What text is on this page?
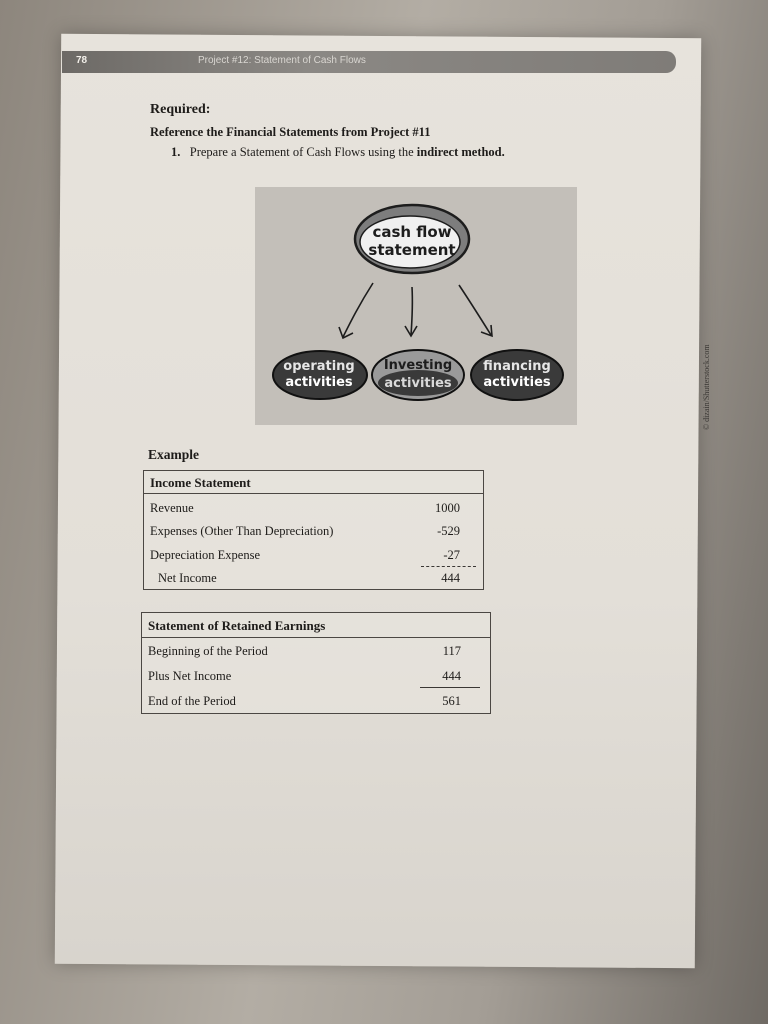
78	Project #12: Statement of Cash Flows
Required:
Reference the Financial Statements from Project #11
1. Prepare a Statement of Cash Flows using the indirect method.
cash flow
statement
operating
activities
Investing
activities
financing
activities	© dizain/Shutterstock.com
Example
Income Statement
Revenue	1000
Expenses (Other Than Depreciation)	-529
Depreciation Expense	-27
Net Income	444
Statement of Retained Earnings
Beginning of the Period	117
Plus Net Income	444
End of the Period	561
